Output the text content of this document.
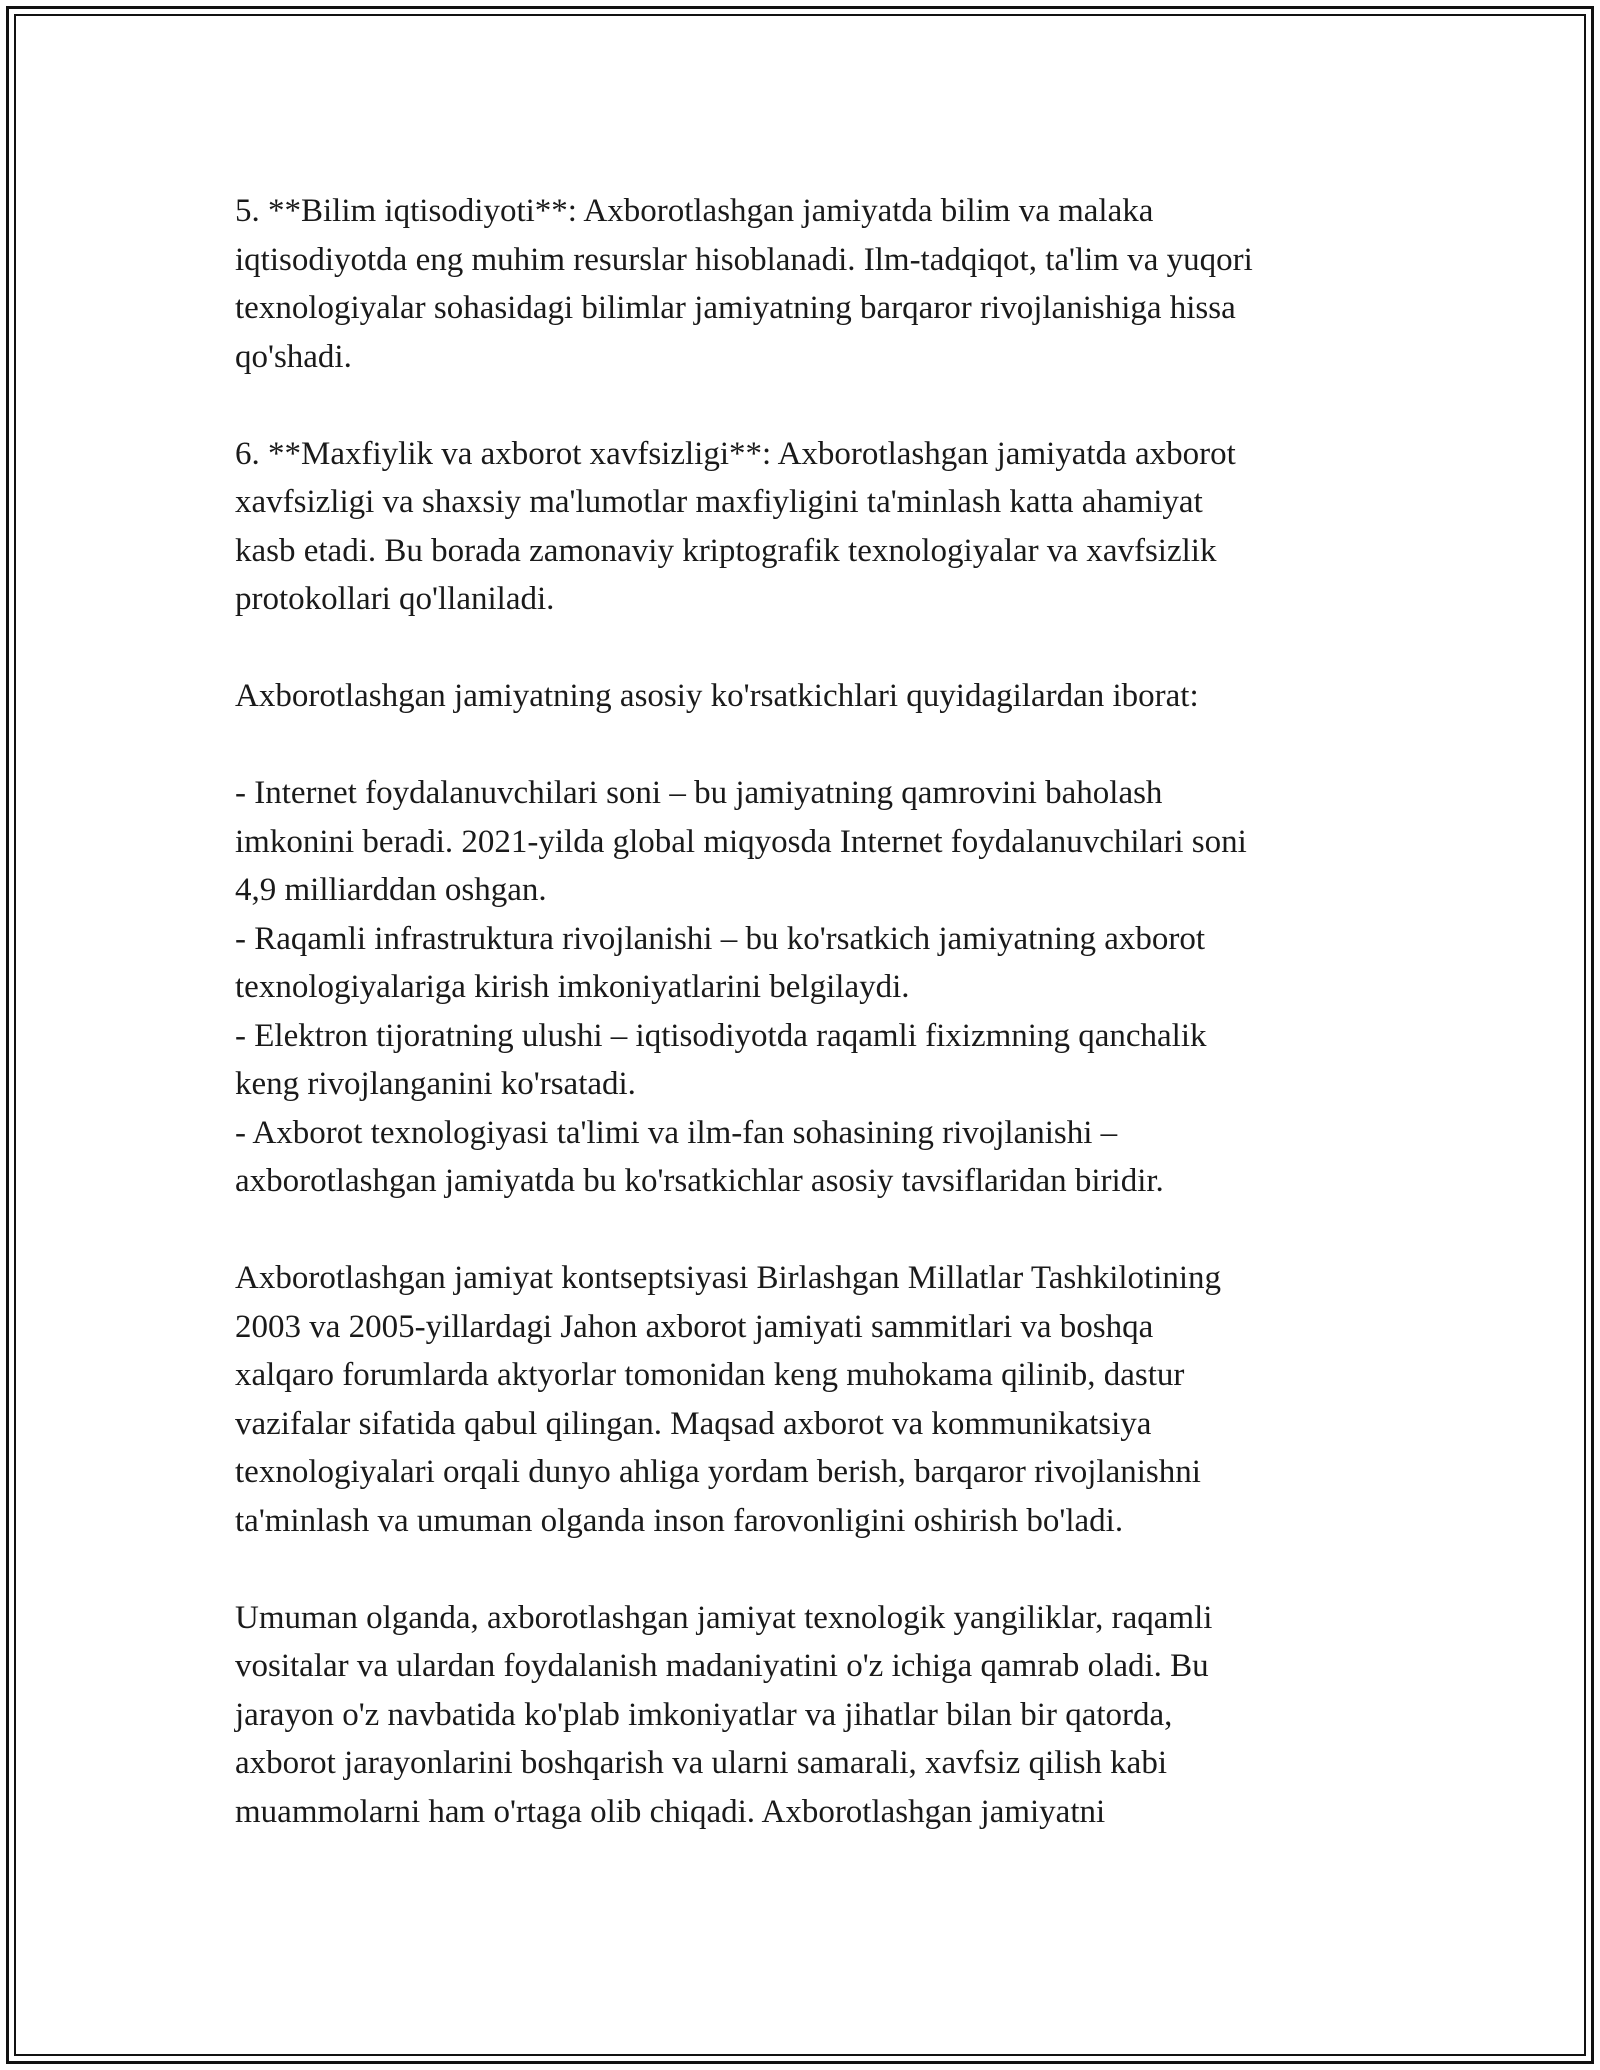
5. **Bilim iqtisodiyoti**: Axborotlashgan jamiyatda bilim va malaka
iqtisodiyotda eng muhim resurslar hisoblanadi. Ilm-tadqiqot, ta'lim va yuqori
texnologiyalar sohasidagi bilimlar jamiyatning barqaror rivojlanishiga hissa
qo'shadi.
6. **Maxfiylik va axborot xavfsizligi**: Axborotlashgan jamiyatda axborot
xavfsizligi va shaxsiy ma'lumotlar maxfiyligini ta'minlash katta ahamiyat
kasb etadi. Bu borada zamonaviy kriptografik texnologiyalar va xavfsizlik
protokollari qo'llaniladi.
Axborotlashgan jamiyatning asosiy ko'rsatkichlari quyidagilardan iborat:
- Internet foydalanuvchilari soni – bu jamiyatning qamrovini baholash
imkonini beradi. 2021-yilda global miqyosda Internet foydalanuvchilari soni
4,9 milliarddan oshgan.
- Raqamli infrastruktura rivojlanishi – bu ko'rsatkich jamiyatning axborot
texnologiyalariga kirish imkoniyatlarini belgilaydi.
- Elektron tijoratning ulushi – iqtisodiyotda raqamli fixizmning qanchalik
keng rivojlanganini ko'rsatadi.
- Axborot texnologiyasi ta'limi va ilm-fan sohasining rivojlanishi –
axborotlashgan jamiyatda bu ko'rsatkichlar asosiy tavsiflaridan biridir.
Axborotlashgan jamiyat kontseptsiyasi Birlashgan Millatlar Tashkilotining
2003 va 2005-yillardagi Jahon axborot jamiyati sammitlari va boshqa
xalqaro forumlarda aktyorlar tomonidan keng muhokama qilinib, dastur
vazifalar sifatida qabul qilingan. Maqsad axborot va kommunikatsiya
texnologiyalari orqali dunyo ahliga yordam berish, barqaror rivojlanishni
ta'minlash va umuman olganda inson farovonligini oshirish bo'ladi.
Umuman olganda, axborotlashgan jamiyat texnologik yangiliklar, raqamli
vositalar va ulardan foydalanish madaniyatini o'z ichiga qamrab oladi. Bu
jarayon o'z navbatida ko'plab imkoniyatlar va jihatlar bilan bir qatorda,
axborot jarayonlarini boshqarish va ularni samarali, xavfsiz qilish kabi
muammolarni ham o'rtaga olib chiqadi. Axborotlashgan jamiyatni
